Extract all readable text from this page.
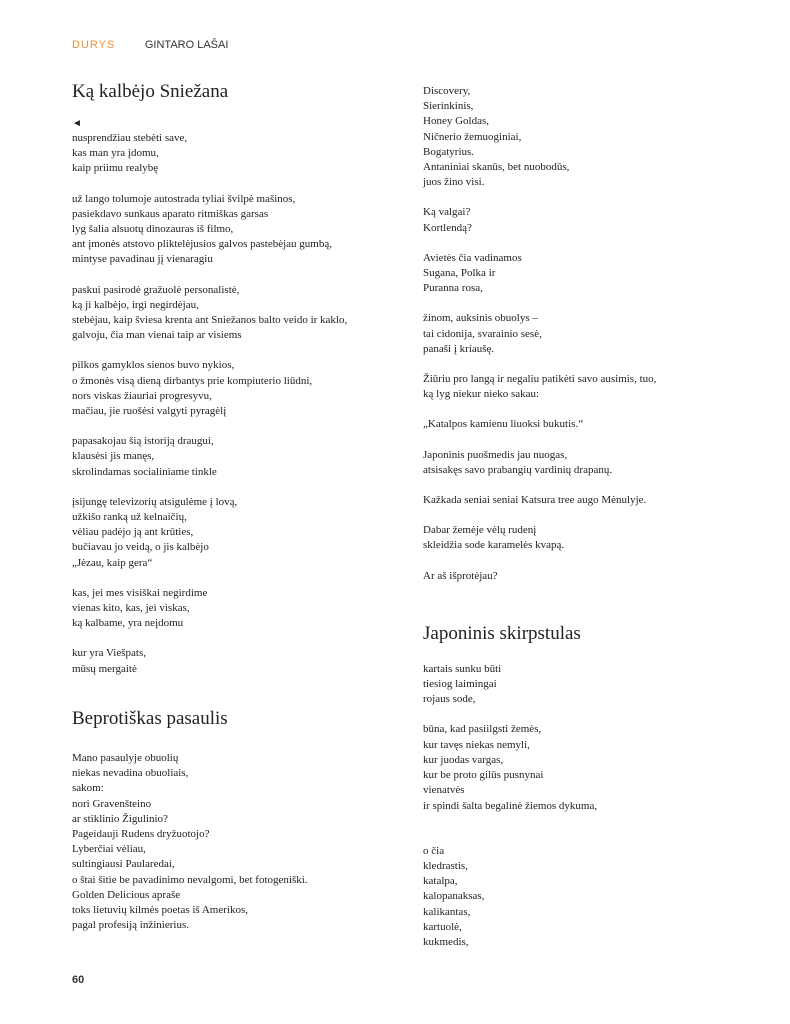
DURYS	GINTARO LAŠAI
Ką kalbėjo Sniežana
◄
nusprendžiau stebėti save,
kas man yra įdomu,
kaip priimu realybę
už lango tolumoje autostrada tyliai švilpė mašinos,
pasiekdavo sunkaus aparato ritmiškas garsas
lyg šalia alsuotų dinozauras iš filmo,
ant įmonės atstovo pliktelėjusios galvos pastebėjau gumbą,
mintyse pavadinau jį vienaragiu
paskui pasirodė gražuolė personalistė,
ką ji kalbėjo, irgi negirdėjau,
stebėjau, kaip šviesa krenta ant Sniežanos balto veido ir kaklo,
galvoju, čia man vienai taip ar visiems
pilkos gamyklos sienos buvo nykios,
o žmonės visą dieną dirbantys prie kompiuterio liūdni,
nors viskas žiauriai progresyvu,
mačiau, jie ruošėsi valgyti pyragėlį
papasakojau šią istoriją draugui,
klausėsi jis manęs,
skrolindamas socialiniame tinkle
įsijungę televizorių atsigulėme į lovą,
užkišo ranką už kelnaičių,
vėliau padėjo ją ant krūties,
bučiavau jo veidą, o jis kalbėjo
„Jėzau, kaip gera“
kas, jei mes visiškai negirdime
vienas kito, kas, jei viskas,
ką kalbame, yra neįdomu
kur yra Viešpats,
mūsų mergaitė
Beprotiškas pasaulis
Mano pasaulyje obuolių
niekas nevadina obuoliais,
sakom:
nori Gravenšteino
ar stiklinio Žigulinio?
Pageidauji Rudens dryžuotojo?
Lyberčiai vėliau,
sultingiausi Paularedai,
o štai šitie be pavadinimo nevalgomi, bet fotogeniški.
Golden Delicious apraše
toks lietuvių kilmės poetas iš Amerikos,
pagal profesiją inžinierius.
Discovery,
Sierinkinis,
Honey Goldas,
Ničnerio žemuoginiai,
Bogatyrius.
Antaniniai skanūs, bet nuobodūs,
juos žino visi.
Ką valgai?
Kortlendą?
Avietės čia vadinamos
Sugana, Polka ir
Puranna rosa,
žinom, auksinis obuolys –
tai cidonija, svarainio sesė,
panaši į kriaušę.
Žiūriu pro langą ir negaliu patikėti savo ausimis, tuo,
ką lyg niekur nieko sakau:
„Katalpos kamienu liuoksi bukutis.“
Japoninis puošmedis jau nuogas,
atsisakęs savo prabangių vardinių drapanų.
Kažkada seniai seniai Katsura tree augo Mėnulyje.
Dabar žemėje vėlų rudenį
skleidžia sode karamelės kvapą.
Ar aš išprotėjau?
Japoninis skirpstulas
kartais sunku būti
tiesiog laimingai
rojaus sode,
būna, kad pasiilgsti žemės,
kur tavęs niekas nemyli,
kur juodas vargas,
kur be proto gilūs pusnynai
vienatvės
ir spindi šalta begalinė žiemos dykuma,
o čia
kledrastis,
katalpa,
kalopanaksas,
kalikantas,
kartuolė,
kukmedis,
60
